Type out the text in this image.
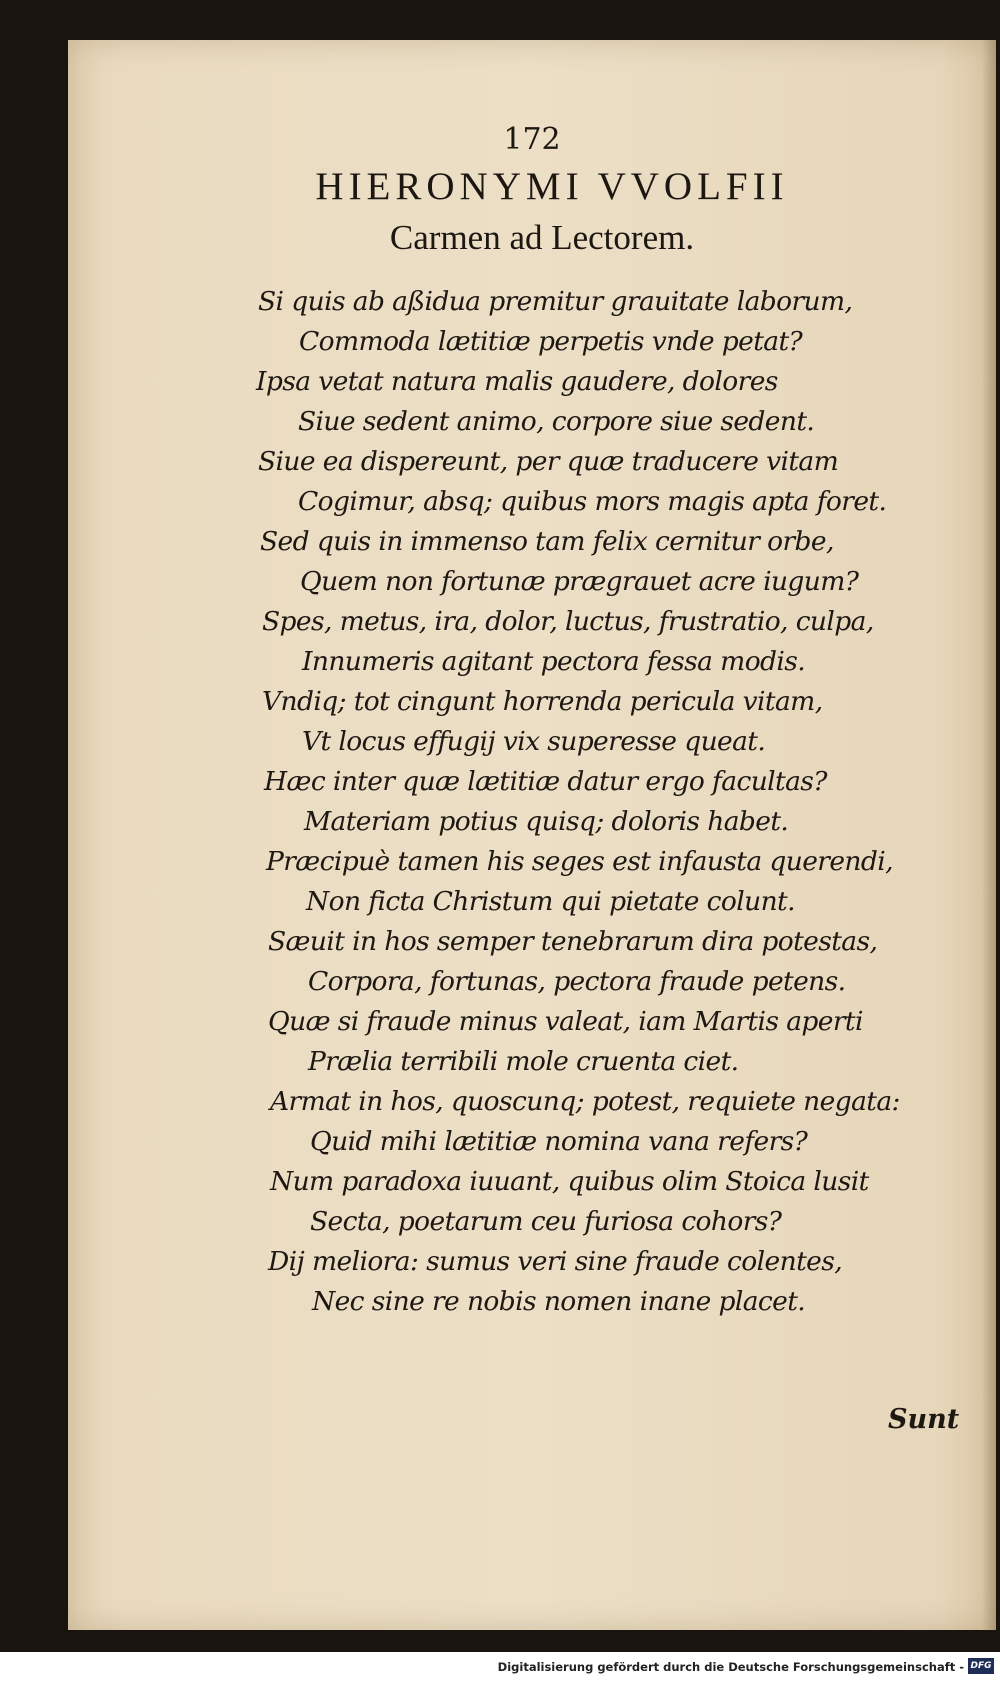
172
HIERONYMI VVOLFII
Carmen ad Lectorem.
Si quis ab aßidua premitur grauitate laborum,
Commoda lætitiæ perpetis vnde petat?
Ipsa vetat natura malis gaudere, dolores
Siue sedent animo, corpore siue sedent.
Siue ea dispereunt, per quæ traducere vitam
Cogimur, absq; quibus mors magis apta foret.
Sed quis in immenso tam felix cernitur orbe,
Quem non fortunæ prægrauet acre iugum?
Spes, metus, ira, dolor, luctus, frustratio, culpa,
Innumeris agitant pectora fessa modis.
Vndiq; tot cingunt horrenda pericula vitam,
Vt locus effugij vix superesse queat.
Hæc inter quæ lætitiæ datur ergo facultas?
Materiam potius quisq; doloris habet.
Præcipuè tamen his seges est infausta querendi,
Non ficta Christum qui pietate colunt.
Sæuit in hos semper tenebrarum dira potestas,
Corpora, fortunas, pectora fraude petens.
Quæ si fraude minus valeat, iam Martis aperti
Prælia terribili mole cruenta ciet.
Armat in hos, quoscunq; potest, requiete negata:
Quid mihi lætitiæ nomina vana refers?
Num paradoxa iuuant, quibus olim Stoica lusit
Secta, poetarum ceu furiosa cohors?
Dij meliora: sumus veri sine fraude colentes,
Nec sine re nobis nomen inane placet.
Sunt
Digitalisierung gefördert durch die Deutsche Forschungsgemeinschaft - DFG
